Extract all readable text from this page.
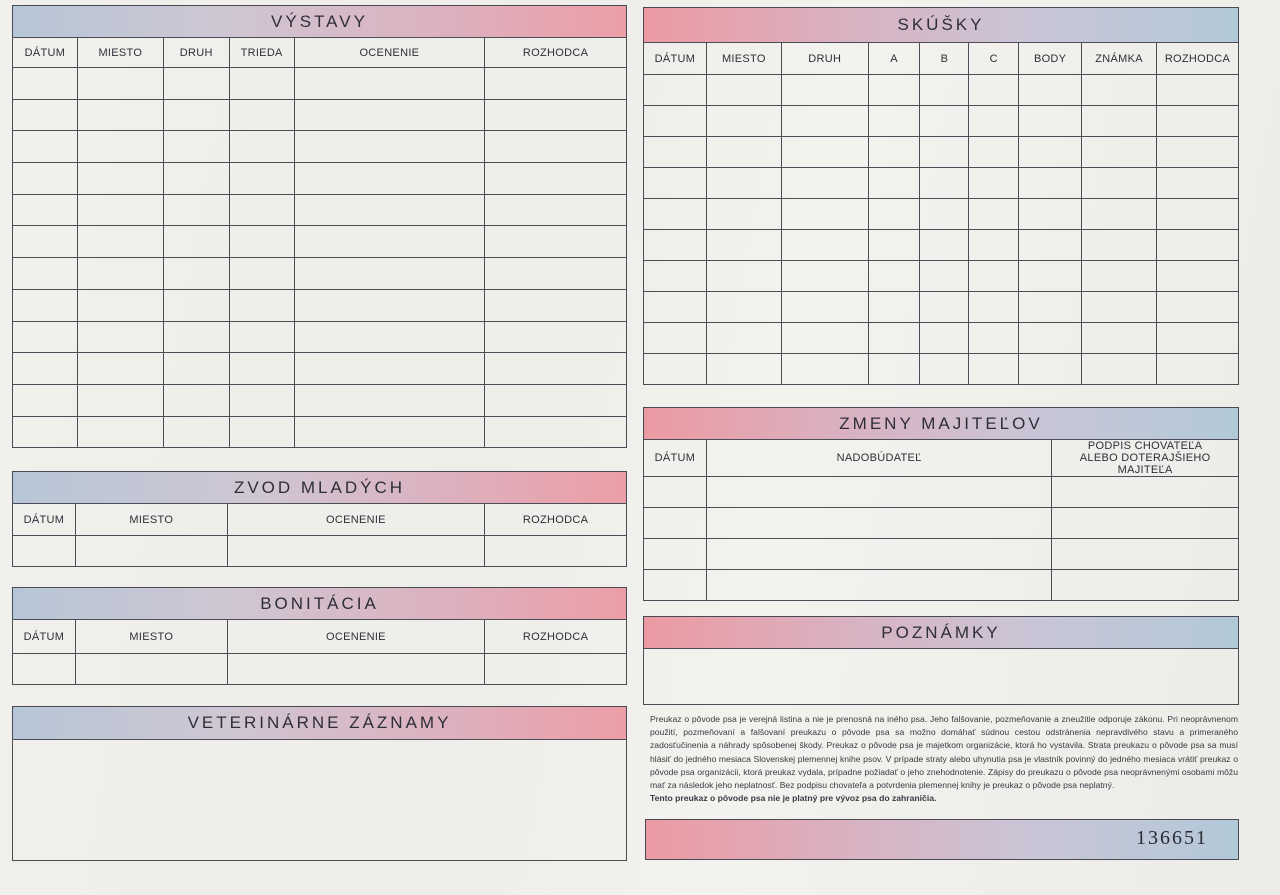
VÝSTAVY
DÁTUM	MIESTO	DRUH	TRIEDA	OCENENIE	ROZHODCA

ZVOD MLADÝCH
DÁTUM	MIESTO	OCENENIE	ROZHODCA

BONITÁCIA
DÁTUM	MIESTO	OCENENIE	ROZHODCA

VETERINÁRNE ZÁZNAMY
SKÚŠKY
DÁTUM	MIESTO	DRUH	A	B	C	BODY	ZNÁMKA	ROZHODCA

ZMENY MAJITEĽOV
DÁTUM	NADOBÚDATEĽ	PODPIS CHOVATEĽA
ALEBO DOTERAJŠIEHO MAJITEĽA

POZNÁMKY
Preukaz o pôvode psa je verejná listina a nie je prenosná na iného psa. Jeho falšovanie, pozmeňovanie a zneužitie odporuje zákonu. Pri neoprávnenom použití, pozmeňovaní a falšovaní preukazu o pôvode psa sa možno domáhať súdnou cestou odstránenia nepravdivého stavu a primeraného zadosťučinenia a náhrady spôsobenej škody. Preukaz o pôvode psa je majetkom organizácie, ktorá ho vystavila. Strata preukazu o pôvode psa sa musí hlásiť do jedného mesiaca Slovenskej plemennej knihe psov. V prípade straty alebo uhynutia psa je vlastník povinný do jedného mesiaca vrátiť preukaz o pôvode psa organizácii, ktorá preukaz vydala, prípadne požiadať o jeho znehodnotenie. Zápisy do preukazu o pôvode psa neoprávnenými osobami môžu mať za následok jeho neplatnosť. Bez podpisu chovateľa a potvrdenia plemennej knihy je preukaz o pôvode psa neplatný.
Tento preukaz o pôvode psa nie je platný pre vývoz psa do zahraničia.
136651
